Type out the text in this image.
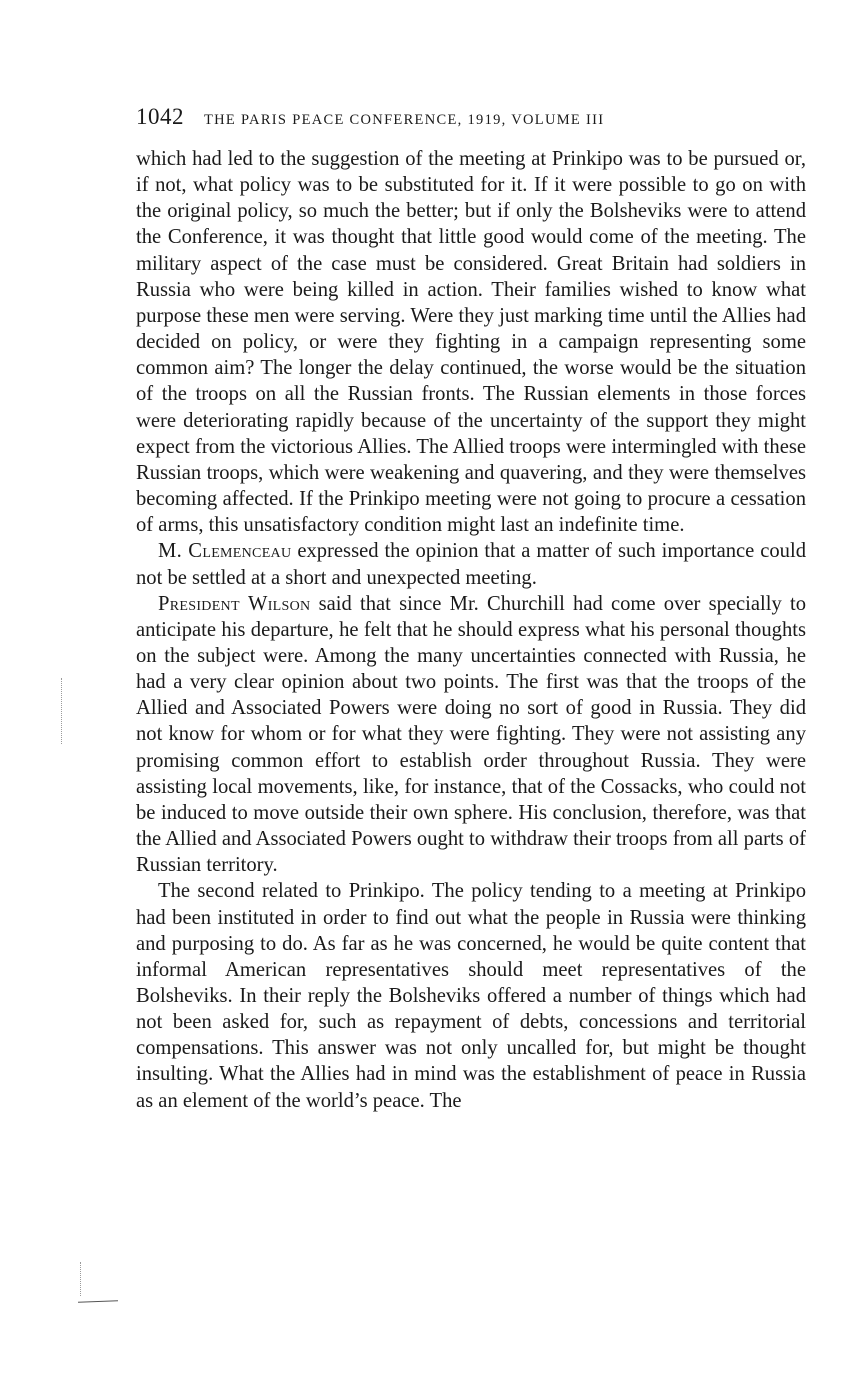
1042 THE PARIS PEACE CONFERENCE, 1919, VOLUME III

which had led to the suggestion of the meeting at Prinkipo was to be pursued or, if not, what policy was to be substituted for it. If it were possible to go on with the original policy, so much the better; but if only the Bolsheviks were to attend the Conference, it was thought that little good would come of the meeting. The military aspect of the case must be considered. Great Britain had soldiers in Russia who were being killed in action. Their families wished to know what purpose these men were serving. Were they just marking time until the Allies had decided on policy, or were they fighting in a campaign representing some common aim? The longer the delay continued, the worse would be the situation of the troops on all the Russian fronts. The Russian elements in those forces were deteriorating rapidly because of the uncertainty of the support they might expect from the victorious Allies. The Allied troops were intermingled with these Russian troops, which were weakening and quavering, and they were themselves becoming affected. If the Prinkipo meeting were not going to procure a cessation of arms, this unsatisfactory condition might last an indefinite time.

M. Clemenceau expressed the opinion that a matter of such importance could not be settled at a short and unexpected meeting.

President Wilson said that since Mr. Churchill had come over specially to anticipate his departure, he felt that he should express what his personal thoughts on the subject were. Among the many uncertainties connected with Russia, he had a very clear opinion about two points. The first was that the troops of the Allied and Associated Powers were doing no sort of good in Russia. They did not know for whom or for what they were fighting. They were not assisting any promising common effort to establish order throughout Russia. They were assisting local movements, like, for instance, that of the Cossacks, who could not be induced to move outside their own sphere. His conclusion, therefore, was that the Allied and Associated Powers ought to withdraw their troops from all parts of Russian territory.

The second related to Prinkipo. The policy tending to a meeting at Prinkipo had been instituted in order to find out what the people in Russia were thinking and purposing to do. As far as he was concerned, he would be quite content that informal American representatives should meet representatives of the Bolsheviks. In their reply the Bolsheviks offered a number of things which had not been asked for, such as repayment of debts, concessions and territorial compensations. This answer was not only uncalled for, but might be thought insulting. What the Allies had in mind was the establishment of peace in Russia as an element of the world’s peace. The
